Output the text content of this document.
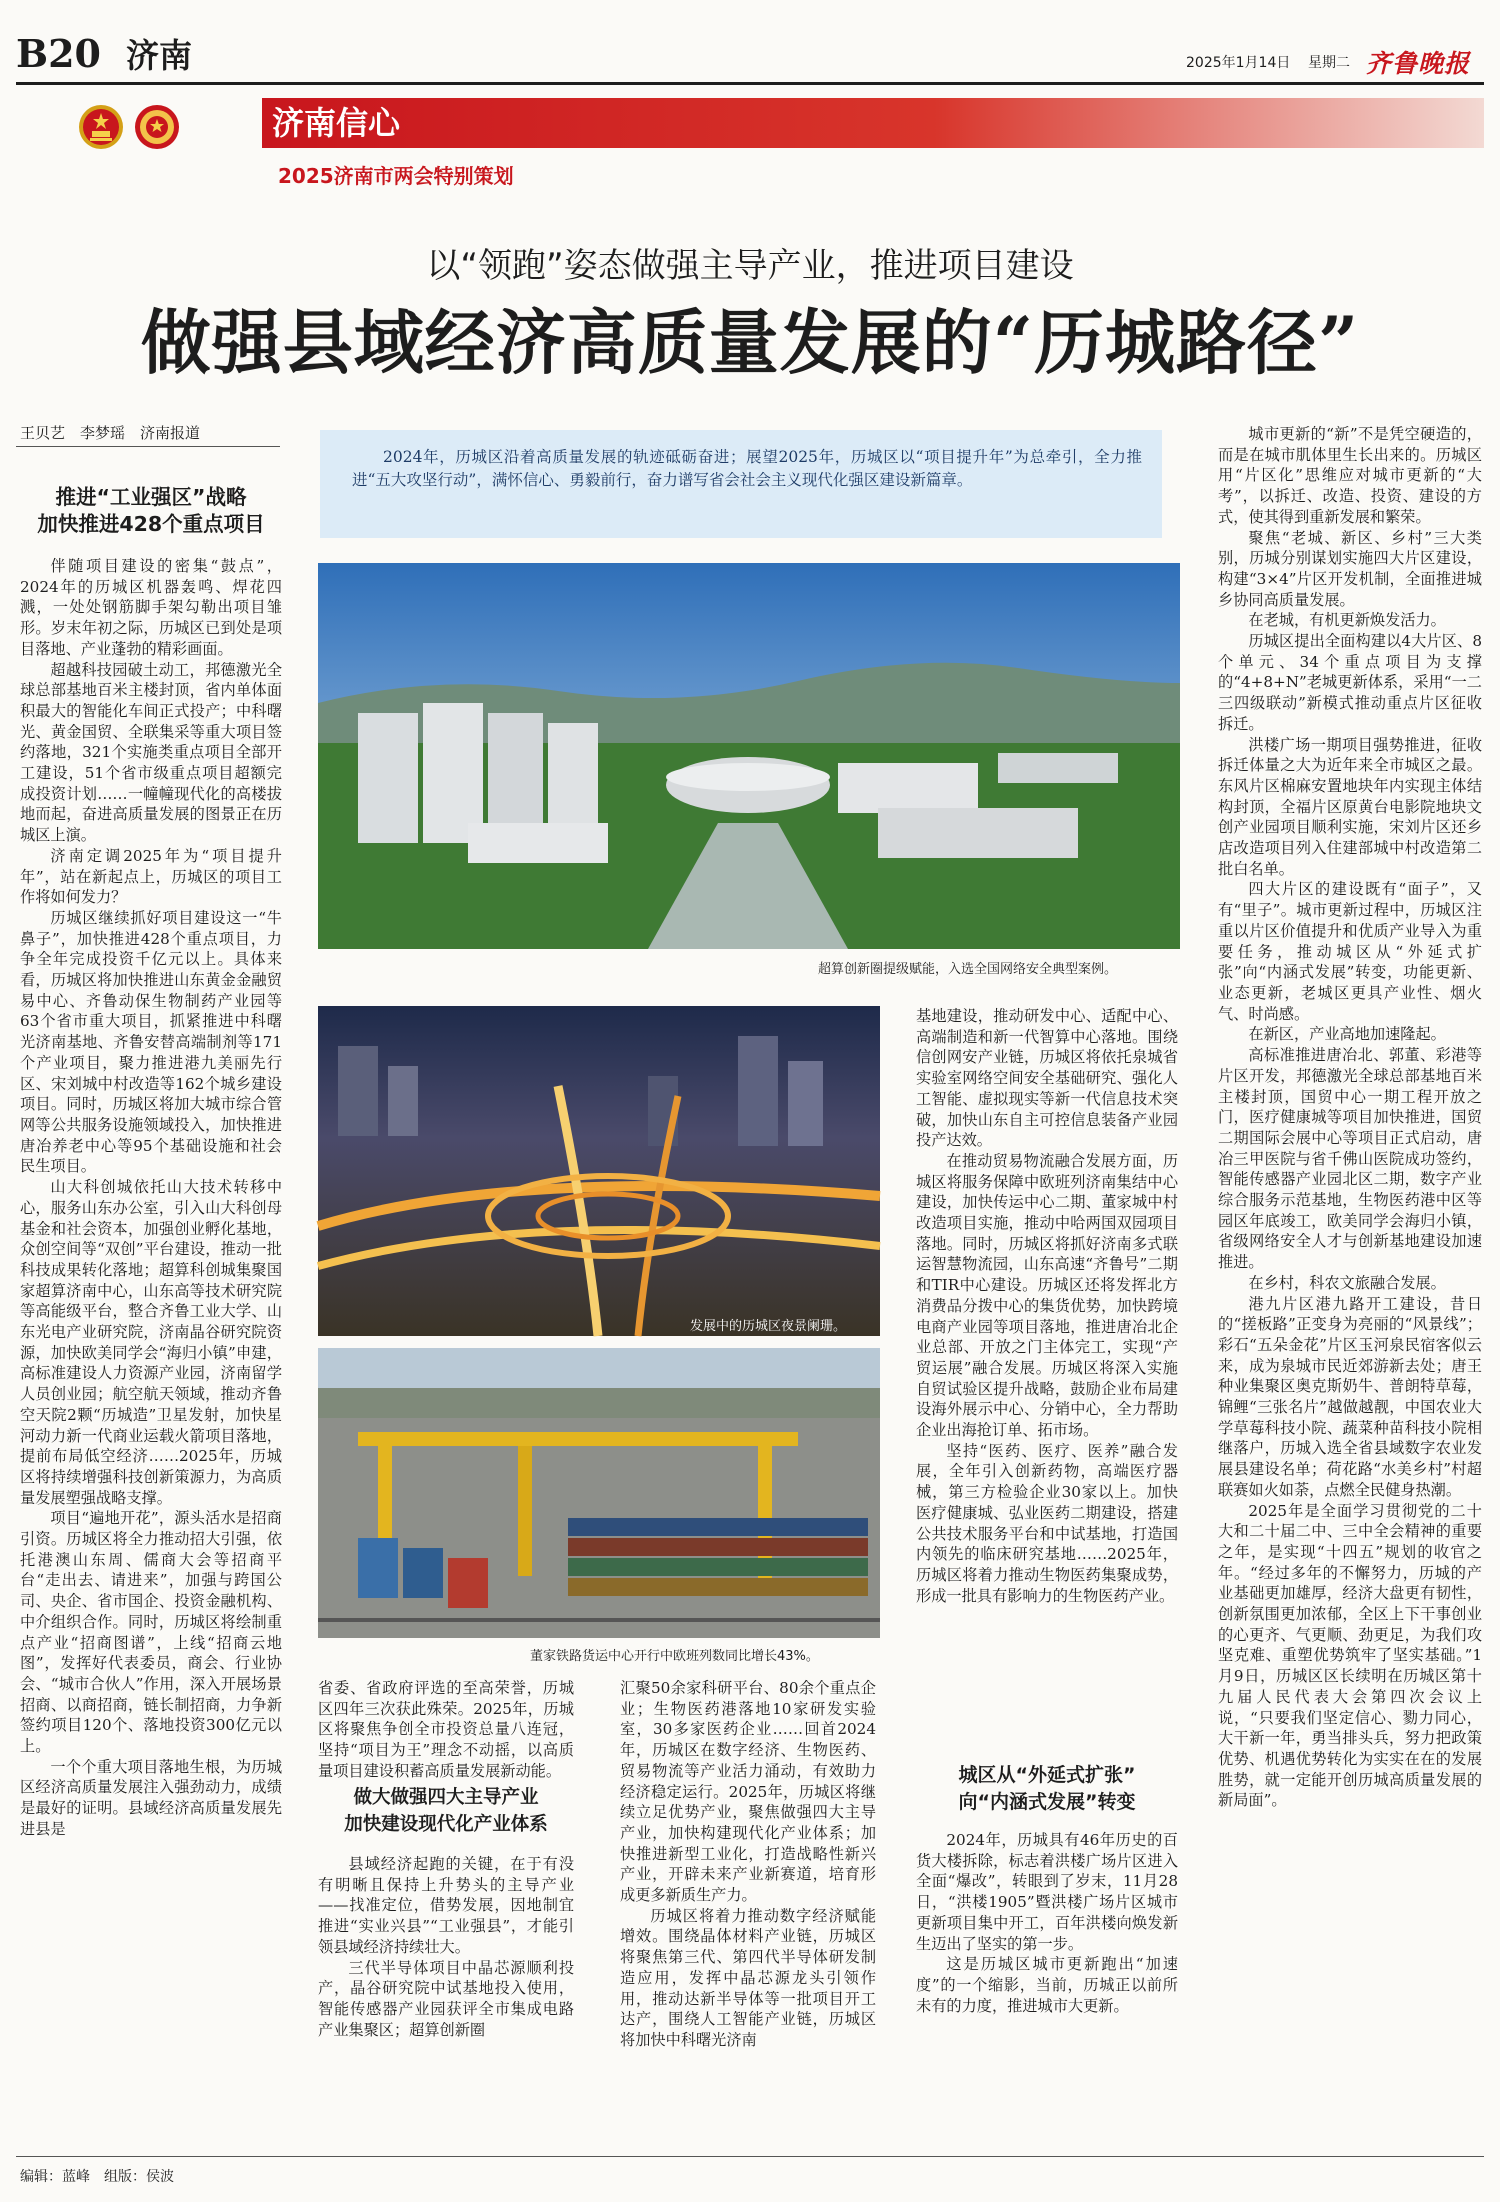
B20 济南	2025年1月14日 星期二 齐鲁晚报
济南信心
2025济南市两会特别策划
以“领跑”姿态做强主导产业，推进项目建设
做强县域经济高质量发展的“历城路径”
王贝艺　李梦瑶　济南报道
2024年，历城区沿着高质量发展的轨迹砥砺奋进；展望2025年，历城区以“项目提升年”为总牵引，全力推进“五大攻坚行动”，满怀信心、勇毅前行，奋力谱写省会社会主义现代化强区建设新篇章。
推进“工业强区”战略
加快推进428个重点项目

伴随项目建设的密集“鼓点”，2024年的历城区机器轰鸣、焊花四溅，一处处钢筋脚手架勾勒出项目雏形。岁末年初之际，历城区已到处是项目落地、产业蓬勃的精彩画面。

超越科技园破土动工，邦德激光全球总部基地百米主楼封顶，省内单体面积最大的智能化车间正式投产；中科曙光、黄金国贸、全联集采等重大项目签约落地，321个实施类重点项目全部开工建设，51个省市级重点项目超额完成投资计划……一幢幢现代化的高楼拔地而起，奋进高质量发展的图景正在历城区上演。

济南定调2025年为“项目提升年”，站在新起点上，历城区的项目工作将如何发力？

历城区继续抓好项目建设这一“牛鼻子”，加快推进428个重点项目，力争全年完成投资千亿元以上。具体来看，历城区将加快推进山东黄金金融贸易中心、齐鲁动保生物制药产业园等63个省市重大项目，抓紧推进中科曙光济南基地、齐鲁安替高端制剂等171个产业项目，聚力推进港九美丽先行区、宋刘城中村改造等162个城乡建设项目。同时，历城区将加大城市综合管网等公共服务设施领域投入，加快推进唐冶养老中心等95个基础设施和社会民生项目。

山大科创城依托山大技术转移中心，服务山东办公室，引入山大科创母基金和社会资本，加强创业孵化基地，众创空间等“双创”平台建设，推动一批科技成果转化落地；超算科创城集聚国家超算济南中心，山东高等技术研究院等高能级平台，整合齐鲁工业大学、山东光电产业研究院，济南晶谷研究院资源，加快欧美同学会“海归小镇”申建，高标准建设人力资源产业园，济南留学人员创业园；航空航天领域，推动齐鲁空天院2颗“历城造”卫星发射，加快星河动力新一代商业运载火箭项目落地，提前布局低空经济……2025年，历城区将持续增强科技创新策源力，为高质量发展塑强战略支撑。

项目“遍地开花”，源头活水是招商引资。历城区将全力推动招大引强，依托港澳山东周、儒商大会等招商平台“走出去、请进来”，加强与跨国公司、央企、省市国企、投资金融机构、中介组织合作。同时，历城区将绘制重点产业“招商图谱”，上线“招商云地图”，发挥好代表委员，商会、行业协会、“城市合伙人”作用，深入开展场景招商、以商招商，链长制招商，力争新签约项目120个、落地投资300亿元以上。

一个个重大项目落地生根，为历城区经济高质量发展注入强劲动力，成绩是最好的证明。县域经济高质量发展先进县是

超算创新圈提级赋能，入选全国网络安全典型案例。
发展中的历城区夜景阑珊。
董家铁路货运中心开行中欧班列数同比增长43%。

省委、省政府评选的至高荣誉，历城区四年三次获此殊荣。2025年，历城区将聚焦争创全市投资总量八连冠，坚持“项目为王”理念不动摇，以高质量项目建设积蓄高质量发展新动能。

做大做强四大主导产业
加快建设现代化产业体系

县域经济起跑的关键，在于有没有明晰且保持上升势头的主导产业——找准定位，借势发展，因地制宜推进“实业兴县”“工业强县”，才能引领县域经济持续壮大。

三代半导体项目中晶芯源顺利投产，晶谷研究院中试基地投入使用，智能传感器产业园获评全市集成电路产业集聚区；超算创新圈

汇聚50余家科研平台、80余个重点企业；生物医药港落地10家研发实验室，30多家医药企业……回首2024年，历城区在数字经济、生物医药、贸易物流等产业活力涌动，有效助力经济稳定运行。2025年，历城区将继续立足优势产业，聚焦做强四大主导产业，加快构建现代化产业体系；加快推进新型工业化，打造战略性新兴产业，开辟未来产业新赛道，培育形成更多新质生产力。

历城区将着力推动数字经济赋能增效。围绕晶体材料产业链，历城区将聚焦第三代、第四代半导体研发制造应用，发挥中晶芯源龙头引领作用，推动达新半导体等一批项目开工达产，围绕人工智能产业链，历城区将加快中科曙光济南

基地建设，推动研发中心、适配中心、高端制造和新一代智算中心落地。围绕信创网安产业链，历城区将依托泉城省实验室网络空间安全基础研究、强化人工智能、虚拟现实等新一代信息技术突破，加快山东自主可控信息装备产业园投产达效。

在推动贸易物流融合发展方面，历城区将服务保障中欧班列济南集结中心建设，加快传运中心二期、董家城中村改造项目实施，推动中哈两国双园项目落地。同时，历城区将抓好济南多式联运智慧物流园，山东高速“齐鲁号”二期和TIR中心建设。历城区还将发挥北方消费品分拨中心的集货优势，加快跨境电商产业园等项目落地，推进唐冶北企业总部、开放之门主体完工，实现“产贸运展”融合发展。历城区将深入实施自贸试验区提升战略，鼓励企业布局建设海外展示中心、分销中心，全力帮助企业出海抢订单、拓市场。

坚持“医药、医疗、医养”融合发展，全年引入创新药物，高端医疗器械，第三方检验企业30家以上。加快医疗健康城、弘业医药二期建设，搭建公共技术服务平台和中试基地，打造国内领先的临床研究基地……2025年，历城区将着力推动生物医药集聚成势，形成一批具有影响力的生物医药产业。

城区从“外延式扩张”
向“内涵式发展”转变

2024年，历城具有46年历史的百货大楼拆除，标志着洪楼广场片区进入全面“爆改”，转眼到了岁末，11月28日，“洪楼1905”暨洪楼广场片区城市更新项目集中开工，百年洪楼向焕发新生迈出了坚实的第一步。

这是历城区城市更新跑出“加速度”的一个缩影，当前，历城正以前所未有的力度，推进城市大更新。

城市更新的“新”不是凭空硬造的，而是在城市肌体里生长出来的。历城区用“片区化”思维应对城市更新的“大考”，以拆迁、改造、投资、建设的方式，使其得到重新发展和繁荣。

聚焦“老城、新区、乡村”三大类别，历城分别谋划实施四大片区建设，构建“3×4”片区开发机制，全面推进城乡协同高质量发展。

在老城，有机更新焕发活力。

历城区提出全面构建以4大片区、8个单元、34个重点项目为支撑的“4+8+N”老城更新体系，采用“一二三四级联动”新模式推动重点片区征收拆迁。

洪楼广场一期项目强势推进，征收拆迁体量之大为近年来全市城区之最。东风片区棉麻安置地块年内实现主体结构封顶，全福片区原黄台电影院地块文创产业园项目顺利实施，宋刘片区还乡店改造项目列入住建部城中村改造第二批白名单。

四大片区的建设既有“面子”，又有“里子”。城市更新过程中，历城区注重以片区价值提升和优质产业导入为重要任务，推动城区从“外延式扩张”向“内涵式发展”转变，功能更新、业态更新，老城区更具产业性、烟火气、时尚感。

在新区，产业高地加速隆起。

高标准推进唐冶北、郭董、彩港等片区开发，邦德激光全球总部基地百米主楼封顶，国贸中心一期工程开放之门，医疗健康城等项目加快推进，国贸二期国际会展中心等项目正式启动，唐冶三甲医院与省千佛山医院成功签约，智能传感器产业园北区二期，数字产业综合服务示范基地，生物医药港中区等园区年底竣工，欧美同学会海归小镇，省级网络安全人才与创新基地建设加速推进。

在乡村，科农文旅融合发展。

港九片区港九路开工建设，昔日的“搓板路”正变身为亮丽的“风景线”；彩石“五朵金花”片区玉河泉民宿客似云来，成为泉城市民近郊游新去处；唐王种业集聚区奥克斯奶牛、普朗特草莓，锦鲤“三张名片”越做越靓，中国农业大学草莓科技小院、蔬菜种苗科技小院相继落户，历城入选全省县域数字农业发展县建设名单；荷花路“水美乡村”村超联赛如火如荼，点燃全民健身热潮。

2025年是全面学习贯彻党的二十大和二十届二中、三中全会精神的重要之年，是实现“十四五”规划的收官之年。“经过多年的不懈努力，历城的产业基础更加雄厚，经济大盘更有韧性，创新氛围更加浓郁，全区上下干事创业的心更齐、气更顺、劲更足，为我们攻坚克难、重塑优势筑牢了坚实基础。”1月9日，历城区区长续明在历城区第十九届人民代表大会第四次会议上说，“只要我们坚定信心、勠力同心，大干新一年，勇当排头兵，努力把政策优势、机遇优势转化为实实在在的发展胜势，就一定能开创历城高质量发展的新局面”。

编辑：蓝峰　组版：侯波
